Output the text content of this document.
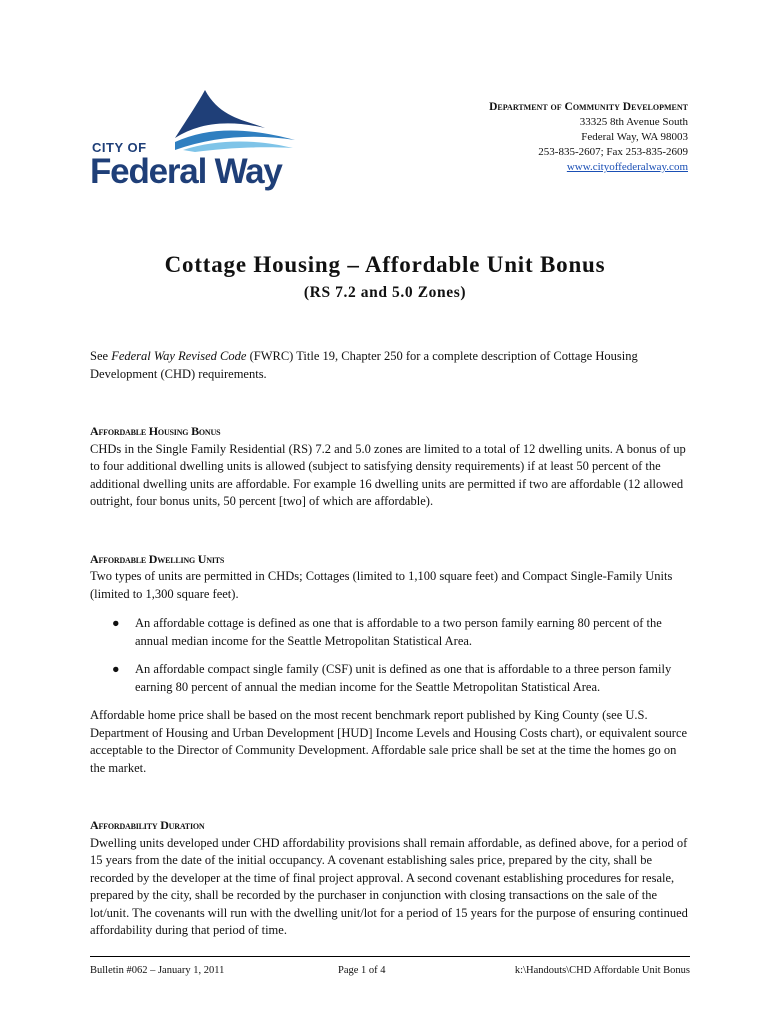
CITY OF
Federal Way
Department of Community Development
33325 8th Avenue South
Federal Way, WA 98003
253-835-2607; Fax 253-835-2609
www.cityoffederalway.com
Cottage Housing – Affordable Unit Bonus
(RS 7.2 and 5.0 Zones)

See Federal Way Revised Code (FWRC) Title 19, Chapter 250 for a complete description of Cottage Housing Development (CHD) requirements.

Affordable Housing Bonus

CHDs in the Single Family Residential (RS) 7.2 and 5.0 zones are limited to a total of 12 dwelling units. A bonus of up to four additional dwelling units is allowed (subject to satisfying density requirements) if at least 50 percent of the additional dwelling units are affordable. For example 16 dwelling units are permitted if two are affordable (12 allowed outright, four bonus units, 50 percent [two] of which are affordable).

Affordable Dwelling Units

Two types of units are permitted in CHDs; Cottages (limited to 1,100 square feet) and Compact Single-Family Units (limited to 1,300 square feet).

● An affordable cottage is defined as one that is affordable to a two person family earning 80 percent of the annual median income for the Seattle Metropolitan Statistical Area.
● An affordable compact single family (CSF) unit is defined as one that is affordable to a three person family earning 80 percent of annual the median income for the Seattle Metropolitan Statistical Area.

Affordable home price shall be based on the most recent benchmark report published by King County (see U.S. Department of Housing and Urban Development [HUD] Income Levels and Housing Costs chart), or equivalent source acceptable to the Director of Community Development. Affordable sale price shall be set at the time the homes go on the market.

Affordability Duration

Dwelling units developed under CHD affordability provisions shall remain affordable, as defined above, for a period of 15 years from the date of the initial occupancy. A covenant establishing sales price, prepared by the city, shall be recorded by the developer at the time of final project approval. A second covenant establishing procedures for resale, prepared by the city, shall be recorded by the purchaser in conjunction with closing transactions on the sale of the lot/unit. The covenants will run with the dwelling unit/lot for a period of 15 years for the purpose of ensuring continued affordability during that period of time.

Bulletin #062 – January 1, 2011	Page 1 of 4	k:\Handouts\CHD Affordable Unit Bonus
